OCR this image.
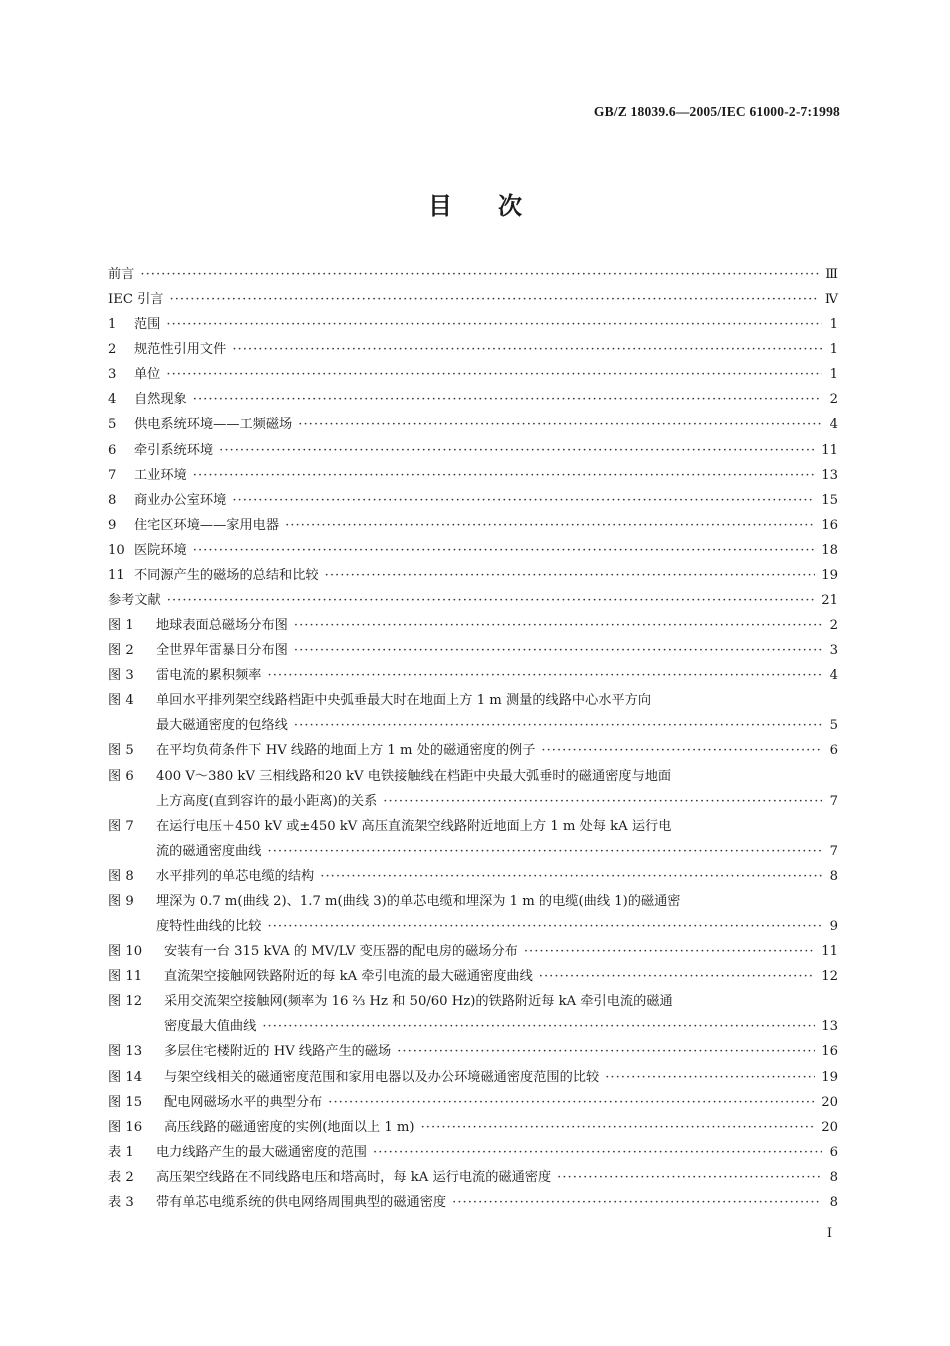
GB/Z 18039.6—2005/IEC 61000-2-7:1998
目次
前言 ·····	Ⅲ
IEC 引言 ·····	Ⅳ
1	范围 ·····	1
2	规范性引用文件 ·····	1
3	单位 ·····	1
4	自然现象 ·····	2
5	供电系统环境——工频磁场 ·····	4
6	牵引系统环境 ·····	11
7	工业环境 ·····	13
8	商业办公室环境 ·····	15
9	住宅区环境——家用电器 ·····	16
10 医院环境 ·····	18
11 不同源产生的磁场的总结和比较 ·····	19
参考文献 ·····	21
图 1	地球表面总磁场分布图 ·····	2
图 2	全世界年雷暴日分布图 ·····	3
图 3	雷电流的累积频率 ·····	4
图 4	单回水平排列架空线路档距中央弧垂最大时在地面上方 1 m 测量的线路中心水平方向
最大磁通密度的包络线 ·····	5
图 5	在平均负荷条件下 HV 线路的地面上方 1 m 处的磁通密度的例子 ·····	6
图 6	400 V～380 kV 三相线路和20 kV 电铁接触线在档距中央最大弧垂时的磁通密度与地面
上方高度(直到容许的最小距离)的关系 ·····	7
图 7	在运行电压＋450 kV 或±450 kV 高压直流架空线路附近地面上方 1 m 处每 kA 运行电
流的磁通密度曲线 ·····	7
图 8	水平排列的单芯电缆的结构 ·····	8
图 9	埋深为 0.7 m(曲线 2)、1.7 m(曲线 3)的单芯电缆和埋深为 1 m 的电缆(曲线 1)的磁通密
度特性曲线的比较 ·····	9
图 10	安装有一台 315 kVA 的 MV/LV 变压器的配电房的磁场分布 ·····	11
图 11	直流架空接触网铁路附近的每 kA 牵引电流的最大磁通密度曲线 ·····	12
图 12	采用交流架空接触网(频率为 16 ⅔ Hz 和 50/60 Hz)的铁路附近每 kA 牵引电流的磁通
密度最大值曲线 ·····	13
图 13	多层住宅楼附近的 HV 线路产生的磁场 ·····	16
图 14	与架空线相关的磁通密度范围和家用电器以及办公环境磁通密度范围的比较 ·····	19
图 15	配电网磁场水平的典型分布 ·····	20
图 16	高压线路的磁通密度的实例(地面以上 1 m) ·····	20
表 1	电力线路产生的最大磁通密度的范围 ·····	6
表 2	高压架空线路在不同线路电压和塔高时，每 kA 运行电流的磁通密度 ·····	8
表 3	带有单芯电缆系统的供电网络周围典型的磁通密度 ·····	8
I
